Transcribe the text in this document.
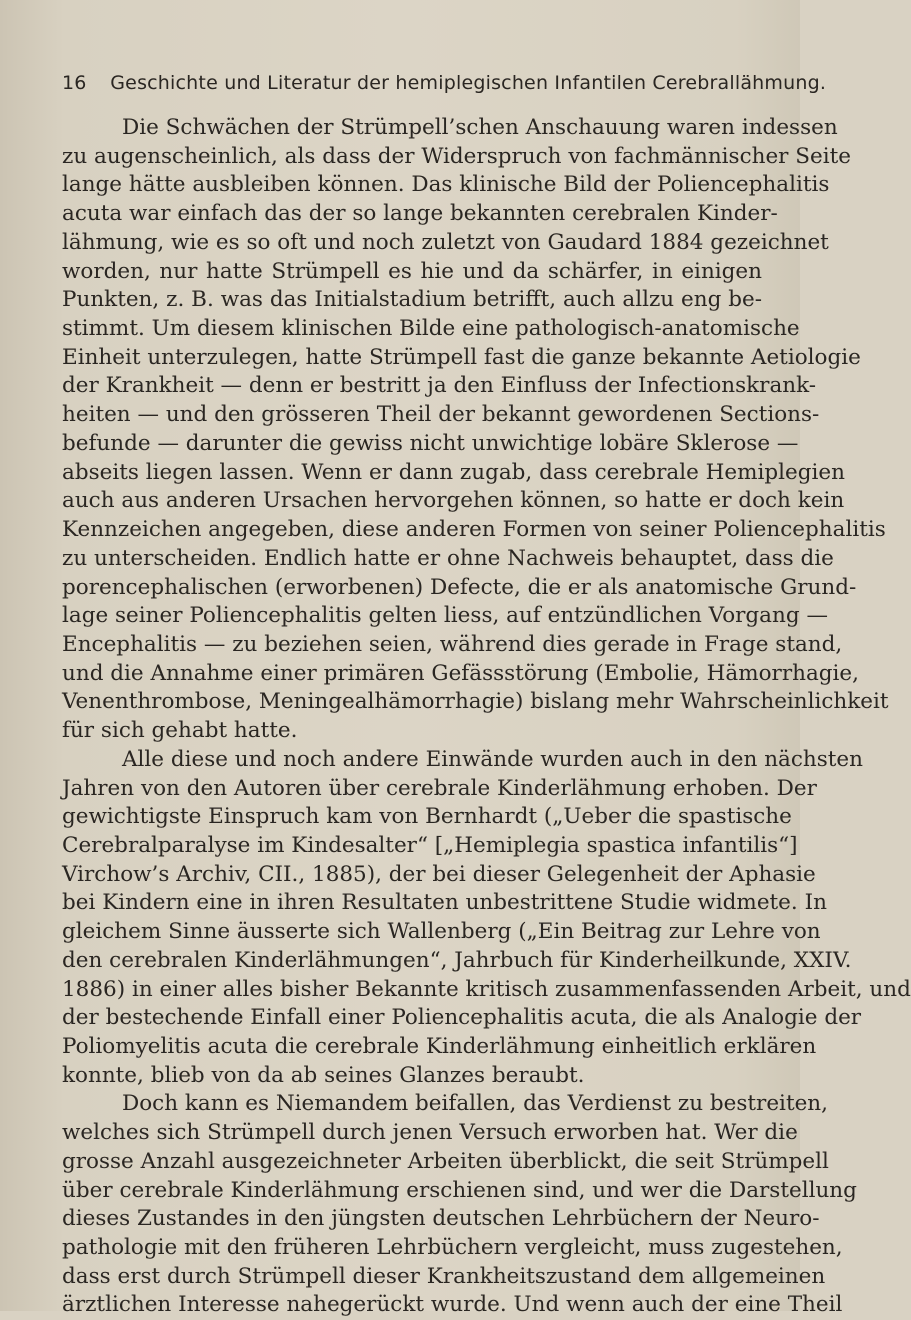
16 Geschichte und Literatur der hemiplegischen Infantilen Cerebrallähmung.
Die Schwächen der Strümpell’schen Anschauung waren indessen
zu augenscheinlich, als dass der Widerspruch von fachmännischer Seite
lange hätte ausbleiben können. Das klinische Bild der Poliencephalitis
acuta war einfach das der so lange bekannten cerebralen Kinder-
lähmung, wie es so oft und noch zuletzt von Gaudard 1884 gezeichnet
worden, nur hatte Strümpell es hie und da schärfer, in einigen
Punkten, z. B. was das Initialstadium betrifft, auch allzu eng be-
stimmt. Um diesem klinischen Bilde eine pathologisch-anatomische
Einheit unterzulegen, hatte Strümpell fast die ganze bekannte Aetiologie
der Krankheit — denn er bestritt ja den Einfluss der Infectionskrank-
heiten — und den grösseren Theil der bekannt gewordenen Sections-
befunde — darunter die gewiss nicht unwichtige lobäre Sklerose —
abseits liegen lassen. Wenn er dann zugab, dass cerebrale Hemiplegien
auch aus anderen Ursachen hervorgehen können, so hatte er doch kein
Kennzeichen angegeben, diese anderen Formen von seiner Poliencephalitis
zu unterscheiden. Endlich hatte er ohne Nachweis behauptet, dass die
porencephalischen (erworbenen) Defecte, die er als anatomische Grund-
lage seiner Poliencephalitis gelten liess, auf entzündlichen Vorgang —
Encephalitis — zu beziehen seien, während dies gerade in Frage stand,
und die Annahme einer primären Gefässstörung (Embolie, Hämorrhagie,
Venenthrombose, Meningealhämorrhagie) bislang mehr Wahrscheinlichkeit
für sich gehabt hatte.
Alle diese und noch andere Einwände wurden auch in den nächsten
Jahren von den Autoren über cerebrale Kinderlähmung erhoben. Der
gewichtigste Einspruch kam von Bernhardt („Ueber die spastische
Cerebralparalyse im Kindesalter“ [„Hemiplegia spastica infantilis“]
Virchow’s Archiv, CII., 1885), der bei dieser Gelegenheit der Aphasie
bei Kindern eine in ihren Resultaten unbestrittene Studie widmete. In
gleichem Sinne äusserte sich Wallenberg („Ein Beitrag zur Lehre von
den cerebralen Kinderlähmungen“, Jahrbuch für Kinderheilkunde, XXIV.
1886) in einer alles bisher Bekannte kritisch zusammenfassenden Arbeit, und
der bestechende Einfall einer Poliencephalitis acuta, die als Analogie der
Poliomyelitis acuta die cerebrale Kinderlähmung einheitlich erklären
konnte, blieb von da ab seines Glanzes beraubt.
Doch kann es Niemandem beifallen, das Verdienst zu bestreiten,
welches sich Strümpell durch jenen Versuch erworben hat. Wer die
grosse Anzahl ausgezeichneter Arbeiten überblickt, die seit Strümpell
über cerebrale Kinderlähmung erschienen sind, und wer die Darstellung
dieses Zustandes in den jüngsten deutschen Lehrbüchern der Neuro-
pathologie mit den früheren Lehrbüchern vergleicht, muss zugestehen,
dass erst durch Strümpell dieser Krankheitszustand dem allgemeinen
ärztlichen Interesse nahegerückt wurde. Und wenn auch der eine Theil
